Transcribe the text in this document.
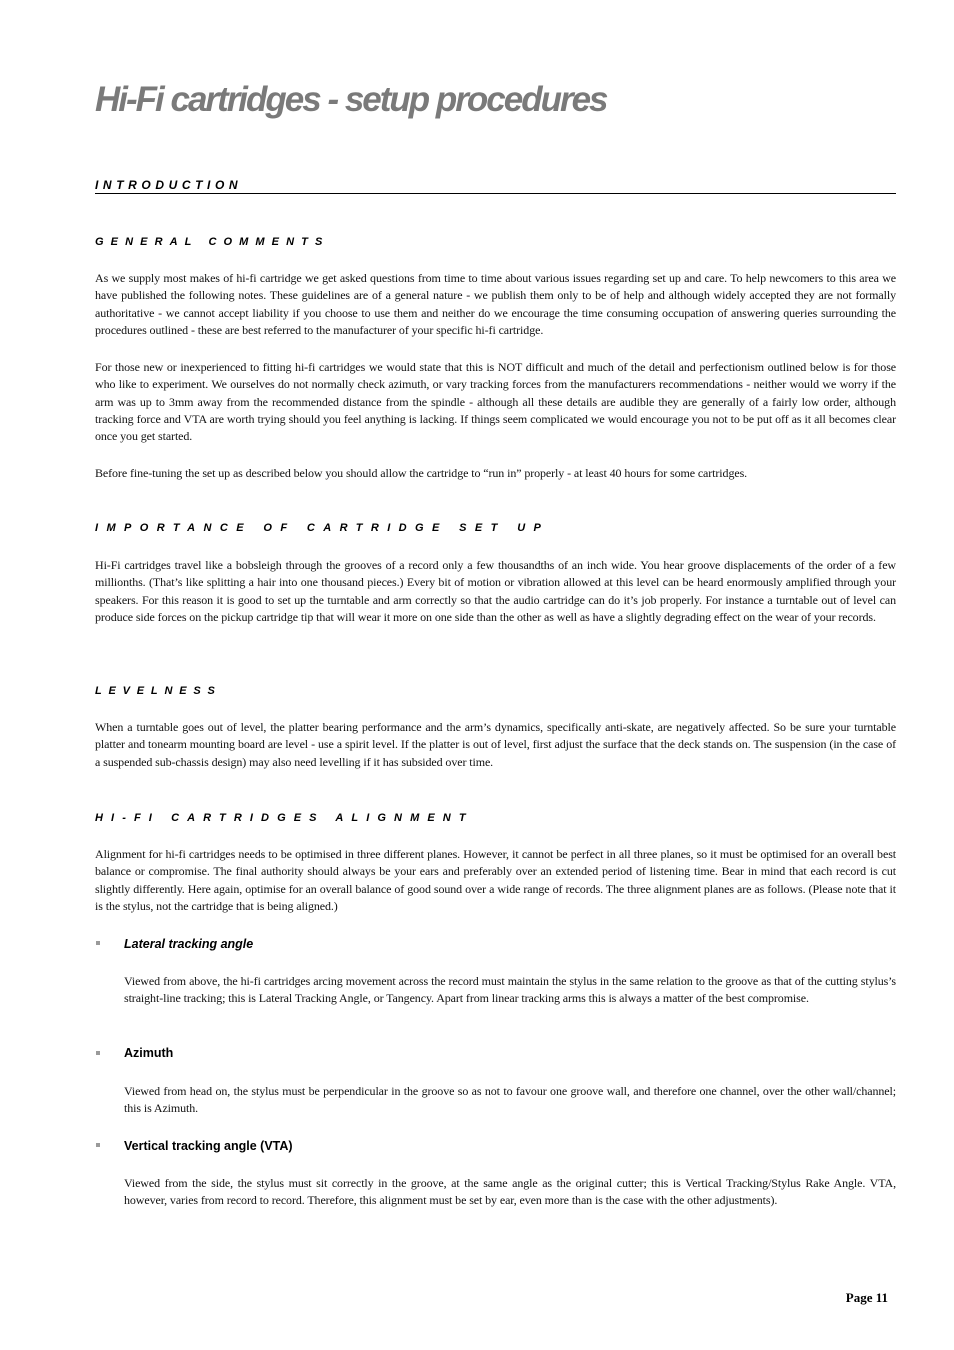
Hi-Fi cartridges - setup procedures
INTRODUCTION
GENERAL COMMENTS

As we supply most makes of hi-fi cartridge we get asked questions from time to time about various issues regarding set up and care. To help newcomers to this area we have published the following notes. These guidelines are of a general nature - we publish them only to be of help and although widely accepted they are not formally authoritative - we cannot accept liability if you choose to use them and neither do we encourage the time consuming occupation of answering queries surrounding the procedures outlined - these are best referred to the manufacturer of your specific hi-fi cartridge.

For those new or inexperienced to fitting hi-fi cartridges we would state that this is NOT difficult and much of the detail and perfectionism outlined below is for those who like to experiment. We ourselves do not normally check azimuth, or vary tracking forces from the manufacturers recommendations - neither would we worry if the arm was up to 3mm away from the recommended distance from the spindle - although all these details are audible they are generally of a fairly low order, although tracking force and VTA are worth trying should you feel anything is lacking. If things seem complicated we would encourage you not to be put off as it all becomes clear once you get started.

Before fine-tuning the set up as described below you should allow the cartridge to “run in” properly - at least 40 hours for some cartridges.

IMPORTANCE OF CARTRIDGE SET UP

Hi-Fi cartridges travel like a bobsleigh through the grooves of a record only a few thousandths of an inch wide. You hear groove displacements of the order of a few millionths. (That’s like splitting a hair into one thousand pieces.) Every bit of motion or vibration allowed at this level can be heard enormously amplified through your speakers. For this reason it is good to set up the turntable and arm correctly so that the audio cartridge can do it’s job properly. For instance a turntable out of level can produce side forces on the pickup cartridge tip that will wear it more on one side than the other as well as have a slightly degrading effect on the wear of your records.

LEVELNESS

When a turntable goes out of level, the platter bearing performance and the arm’s dynamics, specifically anti-skate, are negatively affected. So be sure your turntable platter and tonearm mounting board are level - use a spirit level. If the platter is out of level, first adjust the surface that the deck stands on. The suspension (in the case of a suspended sub-chassis design) may also need levelling if it has subsided over time.

HI-FI CARTRIDGES ALIGNMENT

Alignment for hi-fi cartridges needs to be optimised in three different planes. However, it cannot be perfect in all three planes, so it must be optimised for an overall best balance or compromise. The final authority should always be your ears and preferably over an extended period of listening time. Bear in mind that each record is cut slightly differently. Here again, optimise for an overall balance of good sound over a wide range of records. The three alignment planes are as follows. (Please note that it is the stylus, not the cartridge that is being aligned.)

Lateral tracking angle

Viewed from above, the hi-fi cartridges arcing movement across the record must maintain the stylus in the same relation to the groove as that of the cutting stylus’s straight-line tracking; this is Lateral Tracking Angle, or Tangency. Apart from linear tracking arms this is always a matter of the best compromise.

Azimuth

Viewed from head on, the stylus must be perpendicular in the groove so as not to favour one groove wall, and therefore one channel, over the other wall/channel; this is Azimuth.

Vertical tracking angle (VTA)

Viewed from the side, the stylus must sit correctly in the groove, at the same angle as the original cutter; this is Vertical Tracking/Stylus Rake Angle. VTA, however, varies from record to record. Therefore, this alignment must be set by ear, even more than is the case with the other adjustments).

Page 11
